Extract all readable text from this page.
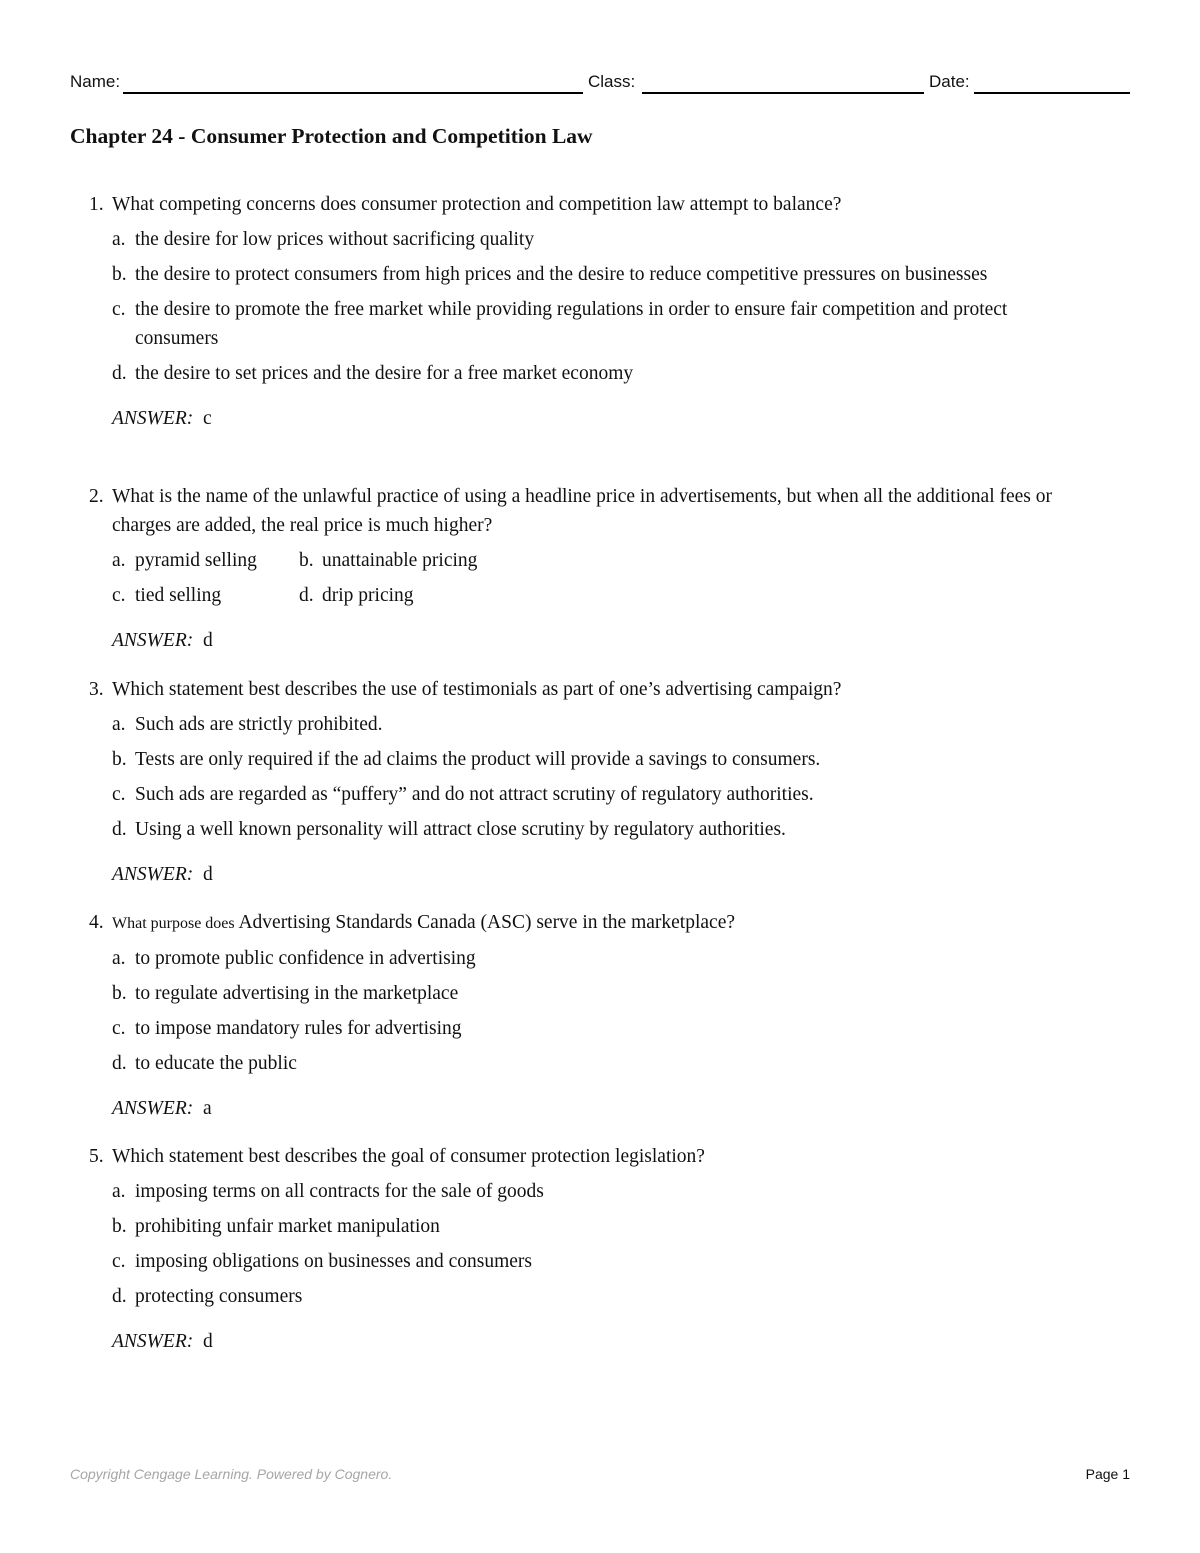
Name:	Class:	Date:
Chapter 24 - Consumer Protection and Competition Law
1. What competing concerns does consumer protection and competition law attempt to balance?
a. the desire for low prices without sacrificing quality
b. the desire to protect consumers from high prices and the desire to reduce competitive pressures on businesses
c. the desire to promote the free market while providing regulations in order to ensure fair competition and protect consumers
d. the desire to set prices and the desire for a free market economy
ANSWER: c
2. What is the name of the unlawful practice of using a headline price in advertisements, but when all the additional fees or charges are added, the real price is much higher?
a. pyramid selling	b. unattainable pricing
c. tied selling	d. drip pricing
ANSWER: d
3. Which statement best describes the use of testimonials as part of one’s advertising campaign?
a. Such ads are strictly prohibited.
b. Tests are only required if the ad claims the product will provide a savings to consumers.
c. Such ads are regarded as “puffery” and do not attract scrutiny of regulatory authorities.
d. Using a well known personality will attract close scrutiny by regulatory authorities.
ANSWER: d
4. What purpose does Advertising Standards Canada (ASC) serve in the marketplace?
a. to promote public confidence in advertising
b. to regulate advertising in the marketplace
c. to impose mandatory rules for advertising
d. to educate the public
ANSWER: a
5. Which statement best describes the goal of consumer protection legislation?
a. imposing terms on all contracts for the sale of goods
b. prohibiting unfair market manipulation
c. imposing obligations on businesses and consumers
d. protecting consumers
ANSWER: d
Copyright Cengage Learning. Powered by Cognero.	Page 1
